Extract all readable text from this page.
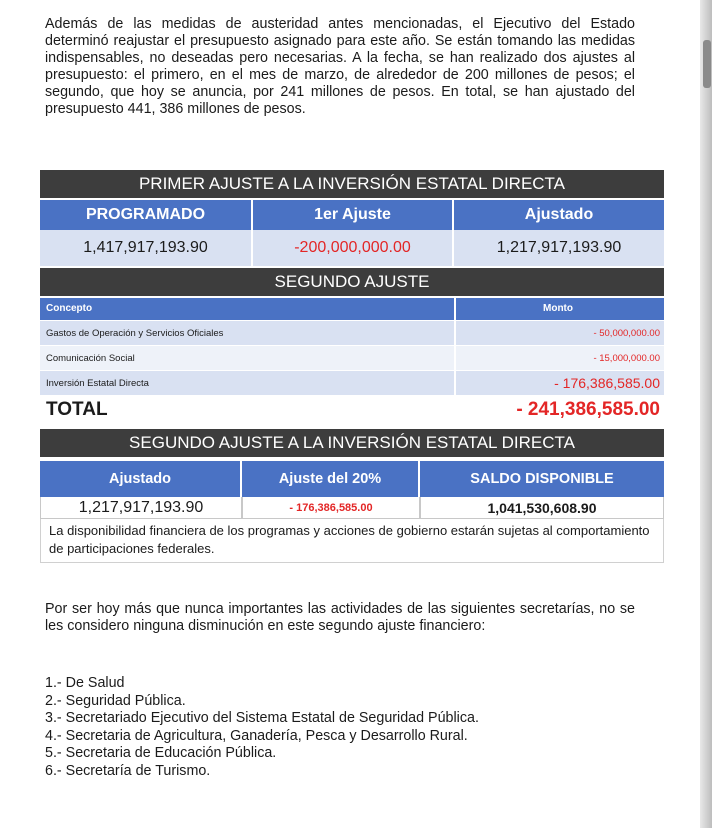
Además de las medidas de austeridad antes mencionadas, el Ejecutivo del Estado determinó reajustar el presupuesto asignado para este año. Se están tomando las medidas indispensables, no deseadas pero necesarias. A la fecha, se han realizado dos ajustes al presupuesto: el primero, en el mes de marzo, de alrededor de 200 millones de pesos; el segundo, que hoy se anuncia, por 241 millones de pesos. En total, se han ajustado del presupuesto 441, 386 millones de pesos.

PRIMER AJUSTE A LA INVERSIÓN ESTATAL DIRECTA
PROGRAMADO	1er Ajuste	Ajustado
1,417,917,193.90	-200,000,000.00	1,217,917,193.90
SEGUNDO AJUSTE
Concepto	Monto
Gastos de Operación y Servicios Oficiales	- 50,000,000.00
Comunicación Social	- 15,000,000.00
Inversión Estatal Directa	- 176,386,585.00
TOTAL	- 241,386,585.00
SEGUNDO AJUSTE A LA INVERSIÓN ESTATAL DIRECTA
Ajustado	Ajuste del 20%	SALDO DISPONIBLE
1,217,917,193.90	- 176,386,585.00	1,041,530,608.90
La disponibilidad financiera de los programas y acciones de gobierno estarán sujetas al comportamiento de participaciones federales.

Por ser hoy más que nunca importantes las actividades de las siguientes secretarías, no se les considero ninguna disminución en este segundo ajuste financiero:

1.- De Salud
2.- Seguridad Pública.
3.- Secretariado Ejecutivo del Sistema Estatal de Seguridad Pública.
4.- Secretaria de Agricultura, Ganadería, Pesca y Desarrollo Rural.
5.- Secretaria de Educación Pública.
6.- Secretaría de Turismo.
